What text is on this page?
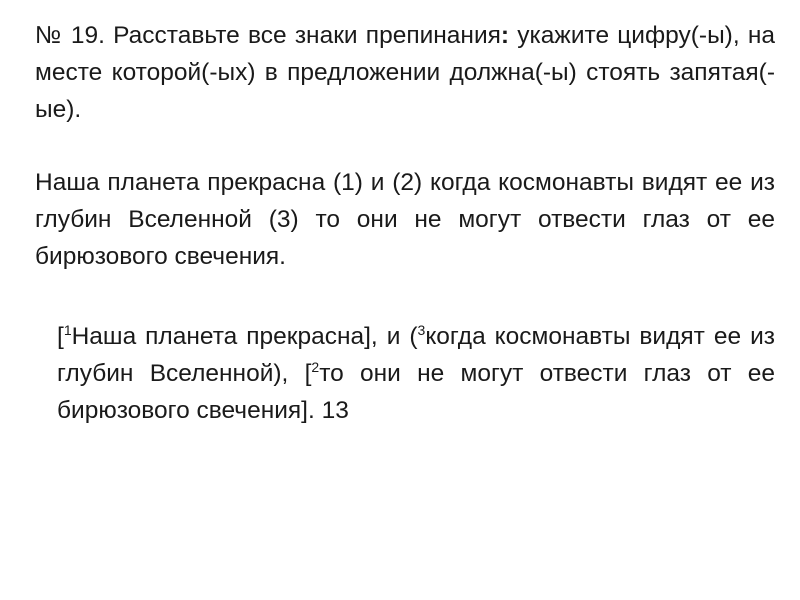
№ 19. Расставьте все знаки препинания: укажите цифру(-ы), на месте которой(-ых) в предложении должна(-ы) стоять запятая(-ые).
Наша планета прекрасна (1) и (2) когда космонавты видят ее из глубин Вселенной (3) то они не могут отвести глаз от ее бирюзового свечения.
[$^1$Наша планета прекрасна], и ($^3$когда космонавты видят ее из глубин Вселенной), [$^2$то они не могут отвести глаз от ее бирюзового свечения]. 13
